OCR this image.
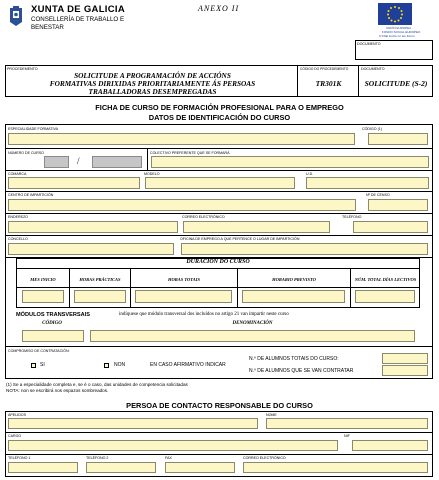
XUNTA DE GALICIA
CONSELLERÍA DE TRABALLO E
BENESTAR
ANEXO II
UNIÓN EUROPEA
FONDO SOCIAL EUROPEO
O FSE invirte no teu futuro
DOCUMENTO
PROCEDEMENTO
SOLICITUDE A PROGRAMACIÓN DE ACCIÓNS
FORMATIVAS DIRIXIDAS PRIORITARIAMENTE ÁS PERSOAS
TRABALLADORAS DESEMPREGADAS
CÓDIGO DO PROCEDEMENTO
TR301K
DOCUMENTO
SOLICITUDE (S-2)
FICHA DE CURSO DE FORMACIÓN PROFESIONAL PARA O EMPREGO
DATOS DE IDENTIFICACIÓN DO CURSO
ESPECIALIDADE FORMATIVA	CÓDIGO (1)
NÚMERO DE CURSO
/
COLECTIVO PREFERENTE QUE SE FORMARÁ
COMARCA	MODELO	U.D.
CENTRO DE IMPARTICIÓN	Nº DE CENSO
ENDEREZO	CORREO ELECTRÓNICO	TELÉFONO
CONCELLO	OFICINA DE EMPREGO A QUE PERTENCE O LUGAR DE IMPARTICIÓN
DURACIÓN DO CURSO
MES INICIO	HORAS PRÁCTICAS	HORAS TOTAIS	HORARIO PREVISTO	NÚM. TOTAL DÍAS LECTIVOS
MÓDULOS TRANSVERSAIS	indíquese que módulo transversal dos incluídos no artigo 21 van impartir neste curso
CÓDIGO	DENOMINACIÓN
COMPROMISO DE CONTRATACIÓN:
SI	NON	EN CASO AFIRMATIVO INDICAR
N.º DE ALUMNOS TOTAIS DO CURSO:
N.º DE ALUMNOS QUE SE VAN CONTRATAR
(1) Se a especialidade completa e, se é o caso, das unidades de competencia solicitadas
NOTA: non se escribirá nos espazos sombreados.
PERSOA DE CONTACTO RESPONSABLE DO CURSO
APELIDOS	NOME
CARGO	NIF
TELÉFONO 1	TELÉFONO 2	FAX	CORREO ELECTRÓNICO
